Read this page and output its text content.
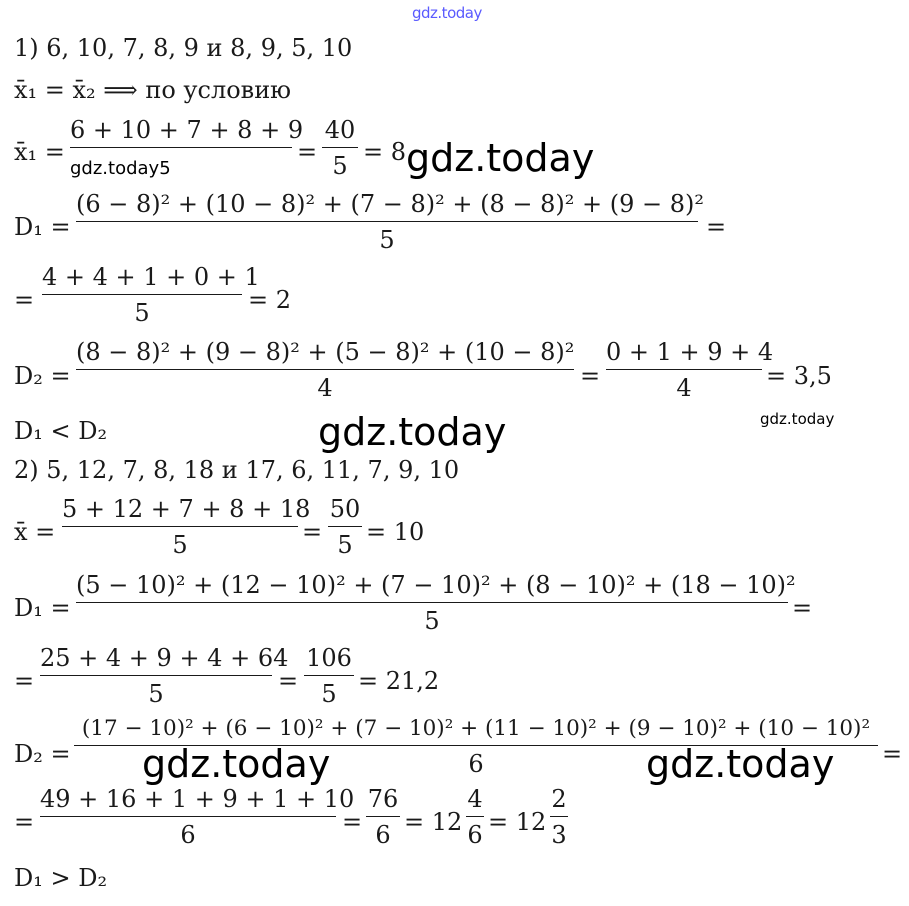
gdz.today
gdz.today
gdz.today	gdz.today
gdz.today	gdz.today
1) 6, 10, 7, 8, 9 и 8, 9, 5, 10
x̄₁ = x̄₂ ⟹ по условию
x̄₁ =
6 + 10 + 7 + 8 + 9
gdz.today5
=
40
5 = 8
D₁ =
(6 − 8)² + (10 − 8)² + (7 − 8)² + (8 − 8)² + (9 − 8)²
5	=
=
4 + 4 + 1 + 0 + 1
5	= 2
D₂ =
(8 − 8)² + (9 − 8)² + (5 − 8)² + (10 − 8)²
4	=
0 + 1 + 9 + 4
4	= 3,5
D₁ < D₂
2) 5, 12, 7, 8, 18 и 17, 6, 11, 7, 9, 10
x̄ =
5 + 12 + 7 + 8 + 18
5	=
50
5 = 10
D₁ =
(5 − 10)² + (12 − 10)² + (7 − 10)² + (8 − 10)² + (18 − 10)²
5	=
=
25 + 4 + 9 + 4 + 64
5	=
106
5 = 21,2
D₂ =
(17 − 10)² + (6 − 10)² + (7 − 10)² + (11 − 10)² + (9 − 10)² + (10 − 10)²
6	=
=
49 + 16 + 1 + 9 + 1 + 10
6	=
76
6 = 12
4
6 = 12
2
3
D₁ > D₂
